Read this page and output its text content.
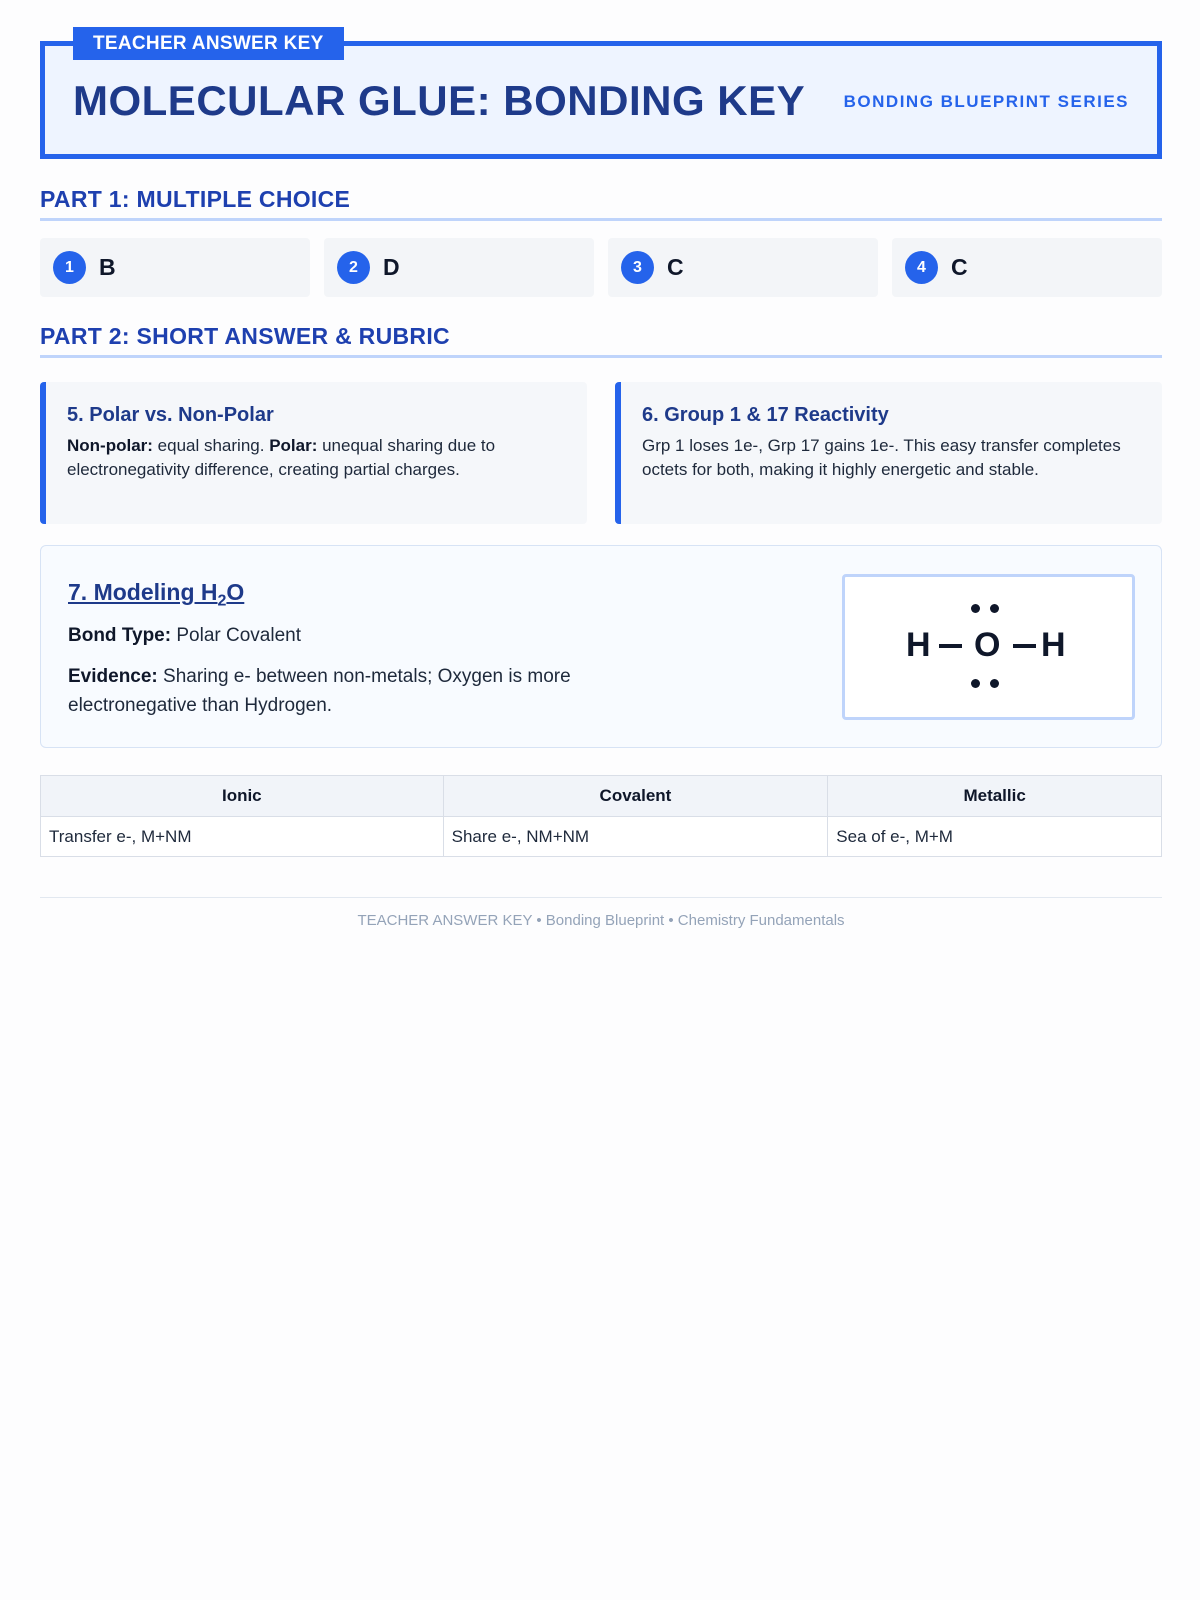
MOLECULAR GLUE: BONDING KEY BONDING BLUEPRINT SERIES
TEACHER ANSWER KEY
PART 1: MULTIPLE CHOICE
1	B	2	D	3	C	4	C
PART 2: SHORT ANSWER & RUBRIC
5. Polar vs. Non-Polar
Non-polar: equal sharing. Polar: unequal sharing due to electronegativity difference, creating partial charges.
6. Group 1 & 17 Reactivity
Grp 1 loses 1e-, Grp 17 gains 1e-. This easy transfer completes octets for both, making it highly energetic and stable.
7. Modeling $H_2O$
Bond Type: Polar Covalent
Evidence: Sharing e- between non-metals; Oxygen is more electronegative than Hydrogen.
H O H
Ionic	Covalent	Metallic
Transfer e-, M+NM	Share e-, NM+NM	Sea of e-, M+M
TEACHER ANSWER KEY • Bonding Blueprint • Chemistry Fundamentals
